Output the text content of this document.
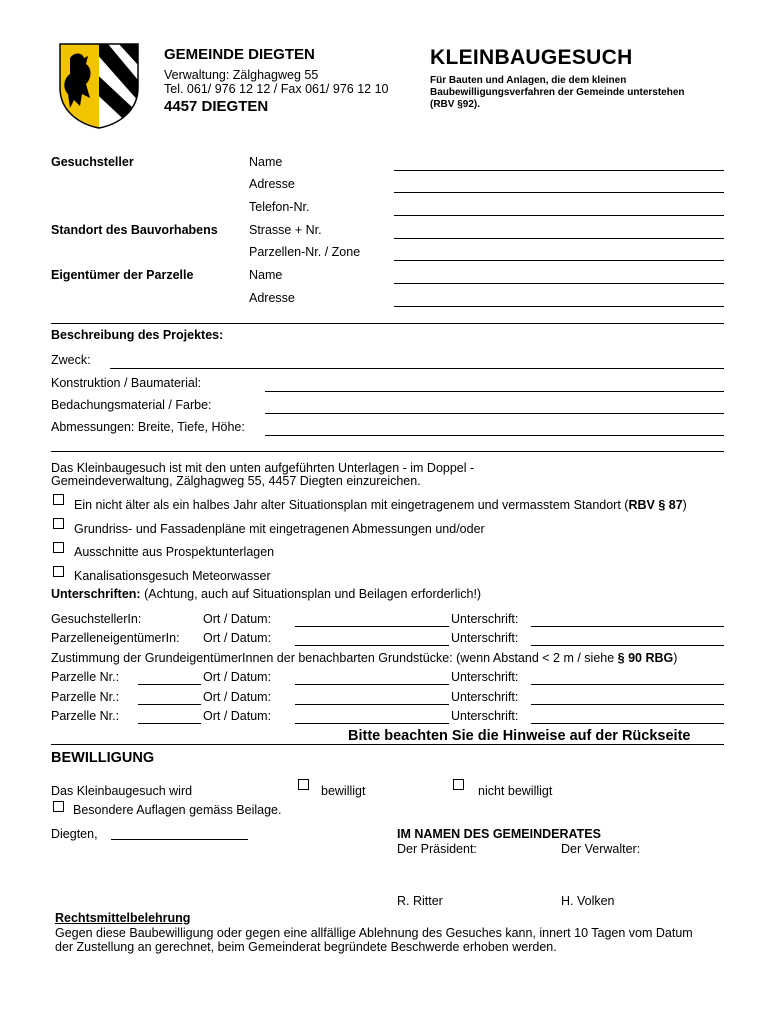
GEMEINDE DIEGTEN
Verwaltung: Zälghagweg 55
Tel. 061/ 976 12 12 / Fax 061/ 976 12 10
4457 DIEGTEN
KLEINBAUGESUCH
Für Bauten und Anlagen, die dem kleinen
Baubewilligungsverfahren der Gemeinde unterstehen
(RBV §92).
Gesuchsteller	Name
Adresse
Telefon-Nr.
Standort des Bauvorhabens	Strasse + Nr.
Parzellen-Nr. / Zone
Eigentümer der Parzelle	Name
Adresse
Beschreibung des Projektes:
Zweck:
Konstruktion / Baumaterial:
Bedachungsmaterial / Farbe:
Abmessungen: Breite, Tiefe, Höhe:
Das Kleinbaugesuch ist mit den unten aufgeführten Unterlagen - im Doppel -
Gemeindeverwaltung, Zälghagweg 55, 4457 Diegten einzureichen.
Ein nicht älter als ein halbes Jahr alter Situationsplan mit eingetragenem und vermasstem Standort (RBV § 87)
Grundriss- und Fassadenpläne mit eingetragenen Abmessungen und/oder
Ausschnitte aus Prospektunterlagen
Kanalisationsgesuch Meteorwasser
Unterschriften: (Achtung, auch auf Situationsplan und Beilagen erforderlich!)
GesuchstellerIn:	Ort / Datum:	Unterschrift:
ParzelleneigentümerIn: Ort / Datum:	Unterschrift:
Zustimmung der GrundeigentümerInnen der benachbarten Grundstücke: (wenn Abstand < 2 m / siehe § 90 RBG)
Parzelle Nr.:	Ort / Datum:	Unterschrift:
Parzelle Nr.:	Ort / Datum:	Unterschrift:
Parzelle Nr.:	Ort / Datum:	Unterschrift:
Bitte beachten Sie die Hinweise auf der Rückseite
BEWILLIGUNG
Das Kleinbaugesuch wird	bewilligt	nicht bewilligt
Besondere Auflagen gemäss Beilage.
Diegten,	IM NAMEN DES GEMEINDERATES
Der Präsident:	Der Verwalter:
R. Ritter	H. Volken
Rechtsmittelbelehrung
Gegen diese Baubewilligung oder gegen eine allfällige Ablehnung des Gesuches kann, innert 10 Tagen vom Datum
der Zustellung an gerechnet, beim Gemeinderat begründete Beschwerde erhoben werden.
